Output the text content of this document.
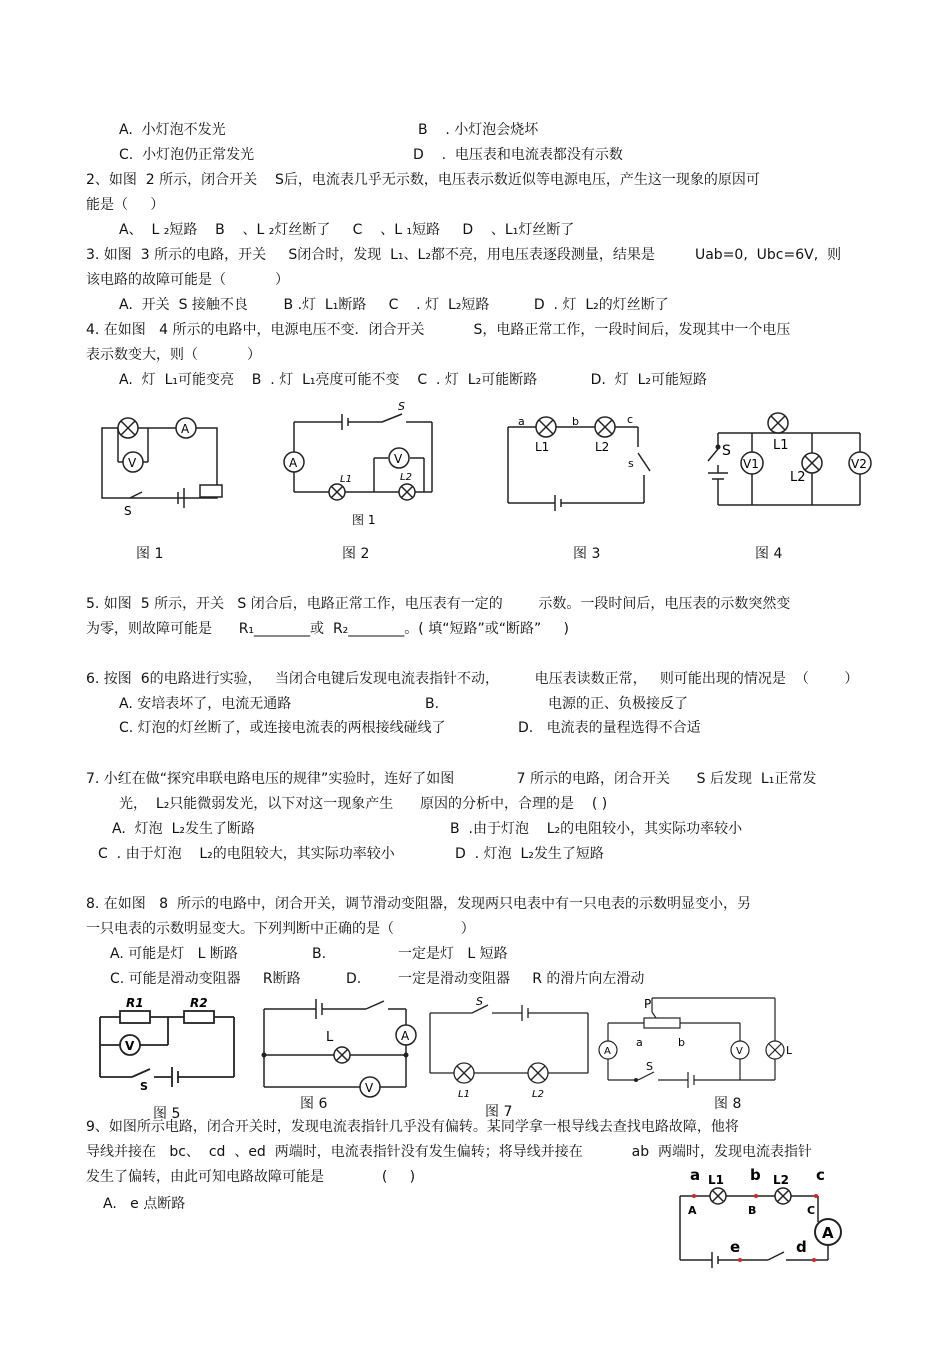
A.  小灯泡不发光	B    . 小灯泡会烧坏
C.  小灯泡仍正常发光	D    .  电压表和电流表都没有示数
2、如图  2 所示，闭合开关    S后，电流表几乎无示数，电压表示数近似等电源电压，产生这一现象的原因可
能是（     ）
A、  L ₂短路    B    、L ₂灯丝断了     C    、L ₁短路     D    、L₁灯丝断了
3. 如图  3 所示的电路，开关     S闭合时，发现  L₁、L₂都不亮，用电压表逐段测量，结果是         Uab=0,  Ubc=6V,  则
该电路的故障可能是（           ）
A.  开关  S 接触不良        B .灯  L₁断路     C    . 灯  L₂短路          D  . 灯  L₂的灯丝断了
4. 在如图   4 所示的电路中，电源电压不变．闭合开关           S，电路正常工作，一段时间后，发现其中一个电压
表示数变大，则（           ）
A.  灯  L₁可能变亮    B  . 灯  L₁亮度可能不变    C  . 灯  L₂可能断路            D.  灯  L₂可能短路
A
V
S
A	V
S
L1	L2
图 1
a	b	c
L1	L2
s
S	L1
L2
V1	V2
图 1	图 2	图 3	图 4
5. 如图  5 所示，开关   S 闭合后，电路正常工作，电压表有一定的        示数。一段时间后，电压表的示数突然变
为零，则故障可能是      R₁________或  R₂________。( 填“短路”或“断路”     )
6. 按图  6的电路进行实验，   当闭合电键后发现电流表指针不动，        电压表读数正常，   则可能出现的情况是  （        ）
A. 安培表坏了，电流无通路	B.	电源的正、负极接反了
C. 灯泡的灯丝断了，或连接电流表的两根接线碰线了	D.   电流表的量程选得不合适
7. 小红在做“探究串联电路电压的规律”实验时，连好了如图              7 所示的电路，闭合开关      S 后发现  L₁正常发
光，  L₂只能微弱发光，以下对这一现象产生      原因的分析中，合理的是    ( )
A.  灯泡  L₂发生了断路	B  .由于灯泡    L₂的电阻较小，其实际功率较小
C  . 由于灯泡    L₂的电阻较大，其实际功率较小	D  . 灯泡  L₂发生了短路
8. 在如图   8  所示的电路中，闭合开关，调节滑动变阻器，发现两只电表中有一只电表的示数明显变小，另
一只电表的示数明显变大。下列判断中正确的是（               ）
A. 可能是灯   L 断路	B.	一定是灯   L 短路
C. 可能是滑动变阻器     R断路	D.	一定是滑动变阻器     R 的滑片向左滑动
R1	R2
V
S
A
V
L
S
L1	L2
P
a	b
A	V	L
S
图 5
图 6	图 7	图 8
9、如图所示电路，闭合开关时，发现电流表指针几乎没有偏转。某同学拿一根导线去查找电路故障，他将
导线并接在   bc、  cd  、ed  两端时，电流表指针没有发生偏转；将导线并接在           ab  两端时，发现电流表指针
发生了偏转，由此可知电路故障可能是             (     )
A.   e 点断路
a	b	c
d
e
A	B	C
L1	L2
A
